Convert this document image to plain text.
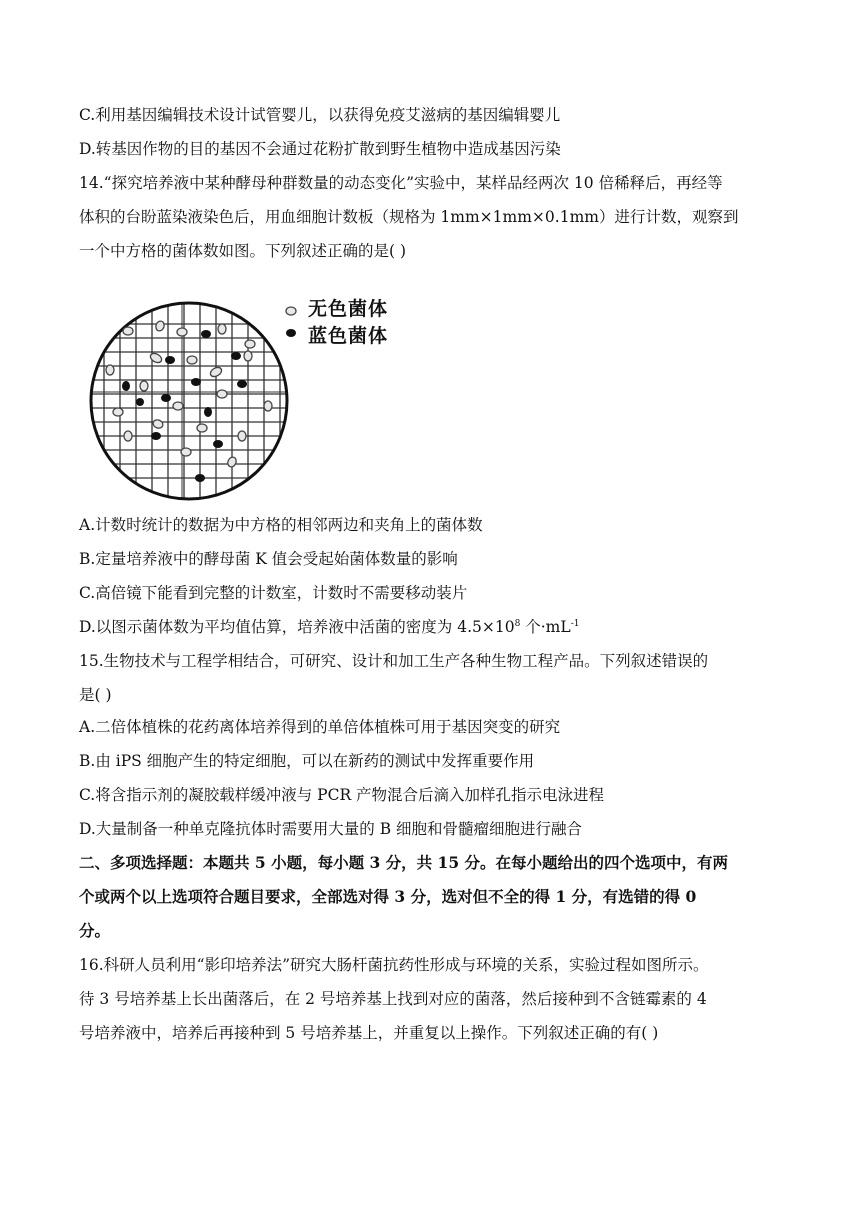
C.利用基因编辑技术设计试管婴儿，以获得免疫艾滋病的基因编辑婴儿
D.转基因作物的目的基因不会通过花粉扩散到野生植物中造成基因污染
14.“探究培养液中某种酵母种群数量的动态变化”实验中，某样品经两次 10 倍稀释后，再经等
体积的台盼蓝染液染色后，用血细胞计数板（规格为 1mm×1mm×0.1mm）进行计数，观察到
一个中方格的菌体数如图。下列叙述正确的是( )
无色菌体
蓝色菌体
A.计数时统计的数据为中方格的相邻两边和夹角上的菌体数
B.定量培养液中的酵母菌 K 值会受起始菌体数量的影响
C.高倍镜下能看到完整的计数室，计数时不需要移动装片
D.以图示菌体数为平均值估算，培养液中活菌的密度为 $4.5\times 10^8$ 个$\cdot mL^{-1}$
15.生物技术与工程学相结合，可研究、设计和加工生产各种生物工程产品。下列叙述错误的
是( )
A.二倍体植株的花药离体培养得到的单倍体植株可用于基因突变的研究
B.由 iPS 细胞产生的特定细胞，可以在新药的测试中发挥重要作用
C.将含指示剂的凝胶载样缓冲液与 PCR 产物混合后滴入加样孔指示电泳进程
D.大量制备一种单克隆抗体时需要用大量的 B 细胞和骨髓瘤细胞进行融合
二、多项选择题：本题共 5 小题，每小题 3 分，共 15 分。在每小题给出的四个选项中，有两
个或两个以上选项符合题目要求，全部选对得 3 分，选对但不全的得 1 分，有选错的得 0
分。
16.科研人员利用“影印培养法”研究大肠杆菌抗药性形成与环境的关系，实验过程如图所示。
待 3 号培养基上长出菌落后，在 2 号培养基上找到对应的菌落，然后接种到不含链霉素的 4
号培养液中，培养后再接种到 5 号培养基上，并重复以上操作。下列叙述正确的有( )
